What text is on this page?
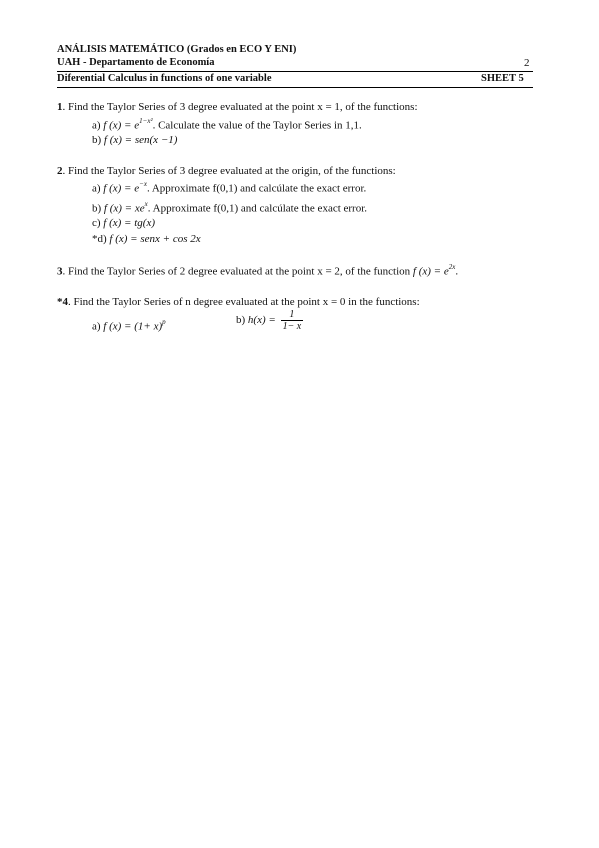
ANÁLISIS MATEMÁTICO (Grados en ECO Y ENI)
UAH - Departamento de Economía	2
Diferential Calculus in functions of one variable	SHEET 5
1. Find the Taylor Series of 3 degree evaluated at the point x = 1, of the functions:
a) f $(x) = e^{1-x^2}$. Calculate the value of the Taylor Series in 1,1.
b) f (x) = sen(x −1)
2. Find the Taylor Series of 3 degree evaluated at the origin, of the functions:
a) f $(x) = e^{-x}$. Approximate f(0,1) and calcúlate the exact error.
b) f $(x) = xe^x$. Approximate f(0,1) and calcúlate the exact error.
c) f (x) = tg(x)
*d) f (x) = senx + cos 2x
3. Find the Taylor Series of 2 degree evaluated at the point x = 2, of the function f $(x) = e^{2x}$.
*4. Find the Taylor Series of n degree evaluated at the point x = 0 in the functions:
a) f $(x) = (1+ x)^p$	b) $h(x) = \frac{1}{1- x}$
